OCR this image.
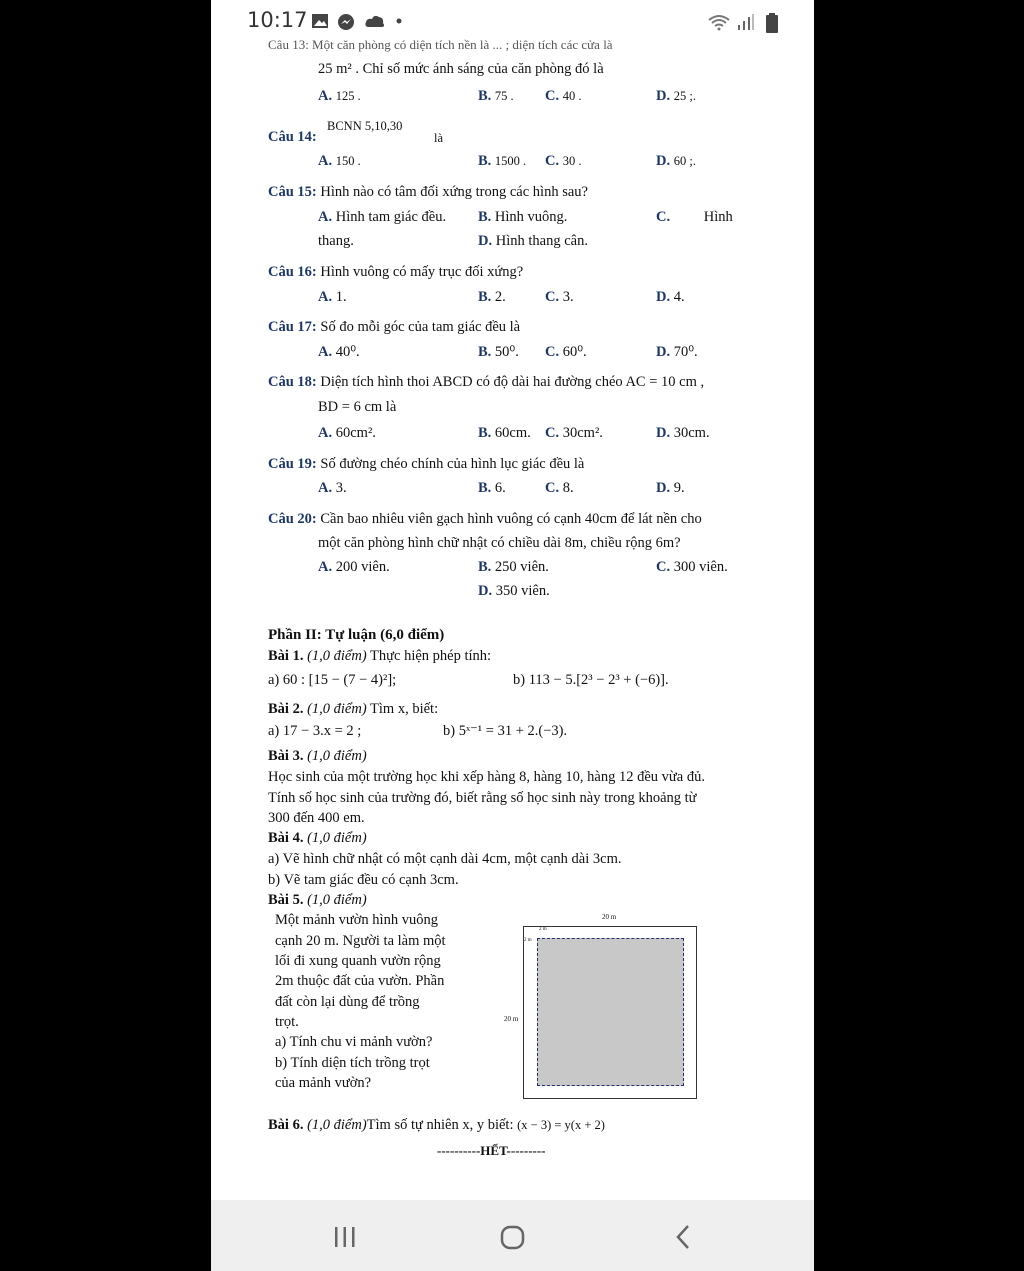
10:17
Câu 13: Một căn phòng có diện tích nền là ... ; diện tích các cửa là
25 m² . Chỉ số mức ánh sáng của căn phòng đó là
A. 125 .	B. 75 . C. 40 .	D. 25 ;.
Câu 14:
BCNN 5,10,30
là
A. 150 .	B. 1500 . C. 30 .	D. 60 ;.
Câu 15: Hình nào có tâm đối xứng trong các hình sau?
A. Hình tam giác đều. B. Hình vuông.	C. Hình
thang.	D. Hình thang cân.
Câu 16: Hình vuông có mấy trục đối xứng?
A. 1.	B. 2.	C. 3.	D. 4.
Câu 17: Số đo mỗi góc của tam giác đều là
A. 40⁰.	B. 50⁰. C. 60⁰.	D. 70⁰.
Câu 18: Diện tích hình thoi ABCD có độ dài hai đường chéo AC = 10 cm ,
BD = 6 cm là
A. 60cm².	B. 60cm. C. 30cm².	D. 30cm.
Câu 19: Số đường chéo chính của hình lục giác đều là
A. 3.	B. 6.	C. 8.	D. 9.
Câu 20: Cần bao nhiêu viên gạch hình vuông có cạnh 40cm để lát nền cho
một căn phòng hình chữ nhật có chiều dài 8m, chiều rộng 6m?
A. 200 viên.	B. 250 viên.	C. 300 viên.
D. 350 viên.
Phần II: Tự luận (6,0 điểm)
Bài 1. (1,0 điểm) Thực hiện phép tính:
a) 60 : [15 − (7 − 4)²];	b) 113 − 5.[2³ − 2³ + (−6)].
Bài 2. (1,0 điểm) Tìm x, biết:
a) 17 − 3.x = 2 ;	b) 5ˣ⁻¹ = 31 + 2.(−3).
Bài 3. (1,0 điểm)
Học sinh của một trường học khi xếp hàng 8, hàng 10, hàng 12 đều vừa đủ.
Tính số học sinh của trường đó, biết rằng số học sinh này trong khoảng từ
300 đến 400 em.
Bài 4. (1,0 điểm)
a) Vẽ hình chữ nhật có một cạnh dài 4cm, một cạnh dài 3cm.
b) Vẽ tam giác đều có cạnh 3cm.
Bài 5. (1,0 điểm)
Một mảnh vườn hình vuông
cạnh 20 m. Người ta làm một
lối đi xung quanh vườn rộng
2m thuộc đất của vườn. Phần
đất còn lại dùng để trồng
trọt.
a) Tính chu vi mảnh vườn?
b) Tính diện tích trồng trọt
của mảnh vườn?
20 m
20 m
2 m
2 m
Bài 6. (1,0 điểm)Tìm số tự nhiên x, y biết: (x − 3) = y(x + 2)
----------HẾT---------
